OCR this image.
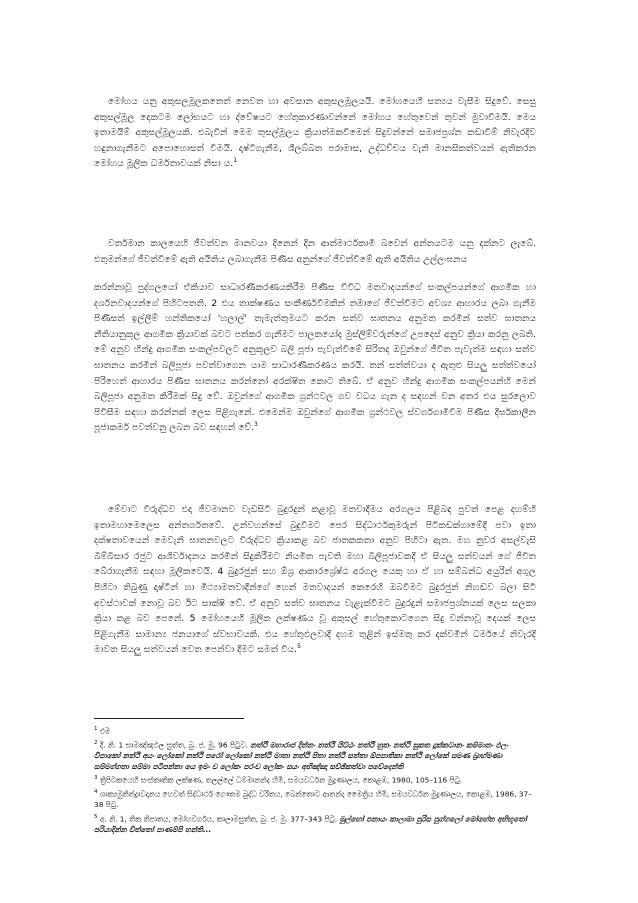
මෝහය යනු අකුසලමූලකතෙත් නෙවත හා අවසාන අකුසලමූලයයි. මෝහයෙහි සත්‍යය වැසීම සිදුවේ. සෙසු අකුසල්මූල දෙකටම ලෝභයට හා ද්වේෂයට හේතුකාරණාවන්නේ මෝහය හේතුවෙන් තුවන් මුවාවීමයි. මෙය ඉතාමයිම් අකුසල්මූලයකි. එබැවින් මෙම තුසල්මූලය ක්‍රියාත්මකවීමෙන් සිදුවන්නේ සමාජප්‍රශ්න කඩාවීම් නිවැරදිව හඳුනාගැනීමට අපොහොසත් වීමයි. දෘෂ්ටිගැනීම, ශීලබ්බත පරාමාස, උද්ධච්චය වැනි මානසිකත්වයන් ඇතිකරන මෝහය මූලික ධර්මතාවයක් නිසා ය.$^1$

වර්තමාන කාලයෙහි ජීවත්වන මානවයා දිනෙන් දින ආත්මාර්ථකාමී බවෙන් අන්තයටම යනු දක්නට ලැබේ. එතුමන්ගේ ජීවත්වීමේ ඇති අයිතිය ලබාගැනීම පිණිස අනුන්ගේ ජීවත්වීමේ ඇති අයිතිය උල්ලංඝනය

කරන්නාවූ පුද්ගලයෝ ඒකියාව සාධාරණීකරණයකිරීම පිණිස විවිධ මතවාදයන්ගේ සංකල්පයන්ගේ ආගමික හා දර්ශනවාදයන්ගේ පිහිටපතති. 2 එය තාක්ෂණය සංකීර්ණවීමකින් තමාගේ ජීවත්වීමට අවශ්‍ය ආහාරය ලබා ගැනීම පිණිසත් ඉල්ලීම් හන්තිකයෝ 'හලාල්' තැමැත්තුමයට කරන සත්ව ඝාතනය අනුමත කරමින් සත්ව ඝාතනය නීතියානුකූල ආගමික ක්‍රියාවක් බවට පත්කර ගැනීමට පාලකයෝද මුස්ලිම්වරුන්ගේ උපදෙස් අනුව ක්‍රියා කරනු ලබති. මේ අනුව හින්දු ආගමික සංකල්පවලට අනුකූලව බලි පූජා පැවැත්වීමේ සිරිතද ඔවුන්ගේ ජීවිත පැවැත්ම සඳහා සත්ව ඝාතනය කරමින් බලිපූජා පවත්වාගෙන යාම සාධාරණීකරණය කරයි. තන් සත්ත්වයා ද ඇතුළු සියලු සත්ත්වයෝ පිරිහෙත් ආහාරය පිණිස ඝාතනය කරන්නෝ අරක්ෂිත කොට තිබේ. ඒ අනුව හින්දු ආගමික සංකල්පයන්හි මෙන් බලිපූජා අනුමත කිරීමක් සිදු වේ. ඔවුන්ගේ ආගමික ග්‍රන්ථවල ගව වධය ගැන ද සඳහන් වන අතර එය සුරලොව පිවිසීම සඳහා කරන්නක් ලෙස පිළිගැනේ. එමෙන්ම ඔවුන්ගේ ආගමික ග්‍රන්ථවල ස්වර්ගගාමීවීම පිණිස දීර්ඝකාලීන පූජාකර්ම පවත්වනු ලබන බව සඳහන් වේ.$^3$

මේවාට විරුද්ධව එදා ජීවමානව වැඩසිටි බුදුරදුන් කළාවූ මතවාදීමය අරගලය පිළිබඳ පුවත් පෙළ දහම්හි ඉතාමහාමෙලෙස අන්තර්ගතවේ. උන්වහන්සේ බුදුවීමට පෙර සිද්ධාර්ථකුමරුන් පිටිකඩක්ගාමේදී පවා ඉතා දක්ෂතාවයෙන් මෙවැනි ඝාතනවලට විරුද්ධව ක්‍රියාකළ බව ජාතකකතා අනුව පිහිටා ඇත. මහ නුවර අසල්වැසි බිම්බිසාර රජුට ආශිර්වාදනය කරමින් සිදුකිරීමට නියමිත පැවති මහා බිලිපූජාවකදී ඒ සියලු සත්වයන් ගේ ජීවිත බේරාගැනීම සඳහා මූලිකවෙයි. 4 බුදුරජුන් සහ ඕශ්‍ර ආකාරශ්‍රේෂ්ඨ අරගල යෙකු හා ඒ හා සම්බන්ධ අයුරින් අගුල පිහිටා තිබුණු දෘෂ්ටීන් හා මිථ්‍යාමතවාදීන්ගේ හෙන් මතවාදයන් කෙරෙහි ඔබවීමට බුදුරජුන් නිහඬව බලා සිටි අවස්ථාවක් නොවූ බව ඊට සාක්ෂි වේ. ඒ අනුව සත්ව ඝාතනය වැළැක්වීමට බුදුරදුන් සමාජප්‍රශ්නයක් ලෙස සලකා ක්‍රියා කළ බව පෙනේ. 5 මෝහයෙහි මූලික ලක්ෂණය වූ අකුසල් හේතුකොටගෙන සිදු වන්නාවූ දෙයක් ලෙස පිළිගැනීම සාමාන්‍ය ජනයාගේ ස්වභාවයකි. එය හේතුඵලවාදී දහම තුළින් ඉස්මතු කර දක්වමින් ධර්මයේ නිවැරදි මාවත සියලු සත්වයන් වෙත පෙන්වා දීමට සමත් විය.$^5$

$^1$ එම
$^2$ දී. නි. 1 සාමඤ්ඤඵල සුත්ත, බු. ජ. මු. 96 පිටුව. නත්ථි මහාරාජ දින්නං නත්ථි යිට්ඨං නත්ථි හුතං නත්ථි සුකත දුක්කටානං කම්මානං ඵලං විපාකෝ නත්ථි අයං ලෝකෝ නත්ථි පරෝ ලෝකෝ නත්ථි මාතා නත්ථි පිතා නත්ථි සත්තා ඕපපාතිකා නත්ථි ලෝකේ සමණ බ්‍රාහ්මණා සම්මග්ගතා සම්මා පටිපන්නා යෙ ඉමං ච ලෝකං පරංච ලෝකං සයං අභිඤ්ඤා සච්ඡිකත්වා පවේදෙන්ති
$^3$ ත්‍රිපිටකයෙහි සංස්කෘතික ලක්ෂණ, තලල්ලේ ධම්මානන්ද හිමි, සමයවර්ධන මුද්‍රණාලය, කොළඹ, 1980, 105–116 පිටු.
$^4$ ශාක්‍යමුනින්ද්‍රාවදානය හෙවත් සිද්ධාර්ථ ගෞතම බුද්ධ චරිතය, බෙන්තොට ආනන්ද මෛත්‍රිය හිමි, සමයවර්ධන මුද්‍රණාලය, කොළඹ, 1986, 37–38 පිටු.
$^5$ අ. නි. 1, තික නිපාතය, මෝහවර්ගය, කාලාමසුත්ත, බු. ජ. මු. 377–343 පිටු. මුල්හෝ පනායං කාලාමා පුරිස පුග්ගලෝ මෝහේන අභිභූතෝ පරියාදින්න චිත්තෝ පාණම්පි හන්ති...
